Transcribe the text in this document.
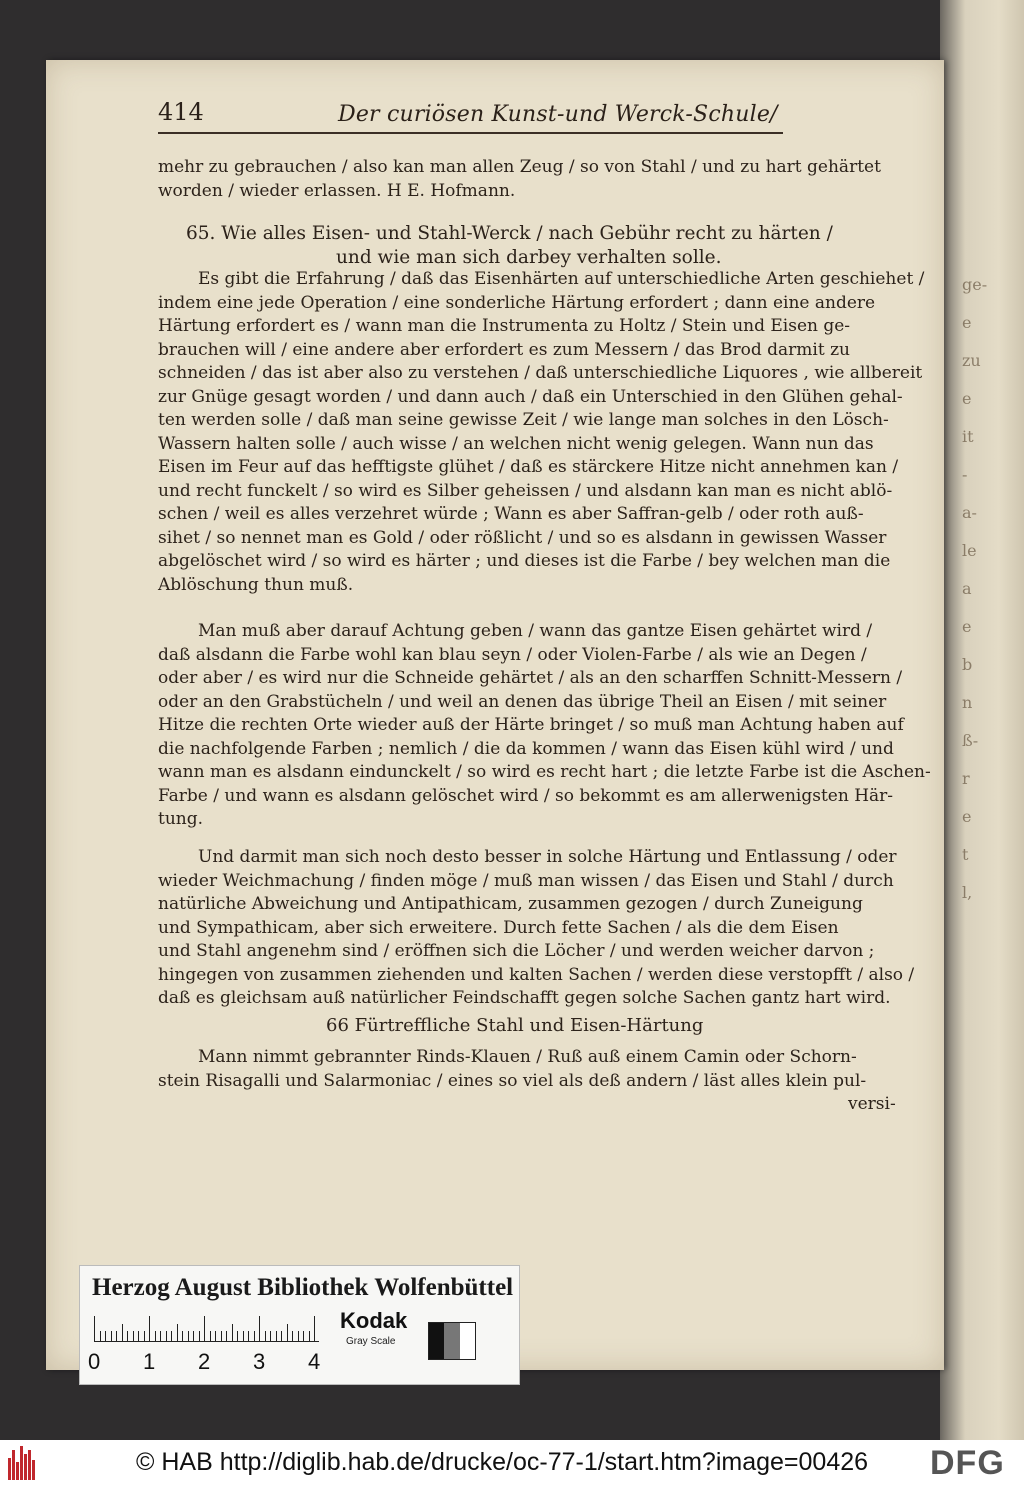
ge-
e
zu
e
it
-
a-
le
a
e
b
n
ß-
r
e
t
l,
414	Der curiösen Kunst-und Werck-Schule/
mehr zu gebrauchen / also kan man allen Zeug / so von Stahl / und zu hart gehärtet
worden / wieder erlassen. H E. Hofmann.
65. Wie alles Eisen- und Stahl-Werck / nach Gebühr recht zu härten /
und wie man sich darbey verhalten solle.
Es gibt die Erfahrung / daß das Eisenhärten auf unterschiedliche Arten geschiehet /
indem eine jede Operation / eine sonderliche Härtung erfordert ; dann eine andere
Härtung erfordert es / wann man die Instrumenta zu Holtz / Stein und Eisen ge-
brauchen will / eine andere aber erfordert es zum Messern / das Brod darmit zu
schneiden / das ist aber also zu verstehen / daß unterschiedliche Liquores , wie allbereit
zur Gnüge gesagt worden / und dann auch / daß ein Unterschied in den Glühen gehal-
ten werden solle / daß man seine gewisse Zeit / wie lange man solches in den Lösch-
Wassern halten solle / auch wisse / an welchen nicht wenig gelegen. Wann nun das
Eisen im Feur auf das hefftigste glühet / daß es stärckere Hitze nicht annehmen kan /
und recht funckelt / so wird es Silber geheissen / und alsdann kan man es nicht ablö-
schen / weil es alles verzehret würde ; Wann es aber Saffran-gelb / oder roth auß-
sihet / so nennet man es Gold / oder rößlicht / und so es alsdann in gewissen Wasser
abgelöschet wird / so wird es härter ; und dieses ist die Farbe / bey welchen man die
Ablöschung thun muß.
Man muß aber darauf Achtung geben / wann das gantze Eisen gehärtet wird /
daß alsdann die Farbe wohl kan blau seyn / oder Violen-Farbe / als wie an Degen /
oder aber / es wird nur die Schneide gehärtet / als an den scharffen Schnitt-Messern /
oder an den Grabstücheln / und weil an denen das übrige Theil an Eisen / mit seiner
Hitze die rechten Orte wieder auß der Härte bringet / so muß man Achtung haben auf
die nachfolgende Farben ; nemlich / die da kommen / wann das Eisen kühl wird / und
wann man es alsdann eindunckelt / so wird es recht hart ; die letzte Farbe ist die Aschen-
Farbe / und wann es alsdann gelöschet wird / so bekommt es am allerwenigsten Här-
tung.
Und darmit man sich noch desto besser in solche Härtung und Entlassung / oder
wieder Weichmachung / finden möge / muß man wissen / das Eisen und Stahl / durch
natürliche Abweichung und Antipathicam, zusammen gezogen / durch Zuneigung
und Sympathicam, aber sich erweitere. Durch fette Sachen / als die dem Eisen
und Stahl angenehm sind / eröffnen sich die Löcher / und werden weicher darvon ;
hingegen von zusammen ziehenden und kalten Sachen / werden diese verstopfft / also /
daß es gleichsam auß natürlicher Feindschafft gegen solche Sachen gantz hart wird.
66 Fürtreffliche Stahl und Eisen-Härtung
Mann nimmt gebrannter Rinds-Klauen / Ruß auß einem Camin oder Schorn-
stein Risagalli und Salarmoniac / eines so viel als deß andern / läst alles klein pul-
versi-
Herzog August Bibliothek Wolfenbüttel
0 1 2 3 4
Kodak
Gray Scale
© HAB http://diglib.hab.de/drucke/oc-77-1/start.htm?image=00426 DFG
